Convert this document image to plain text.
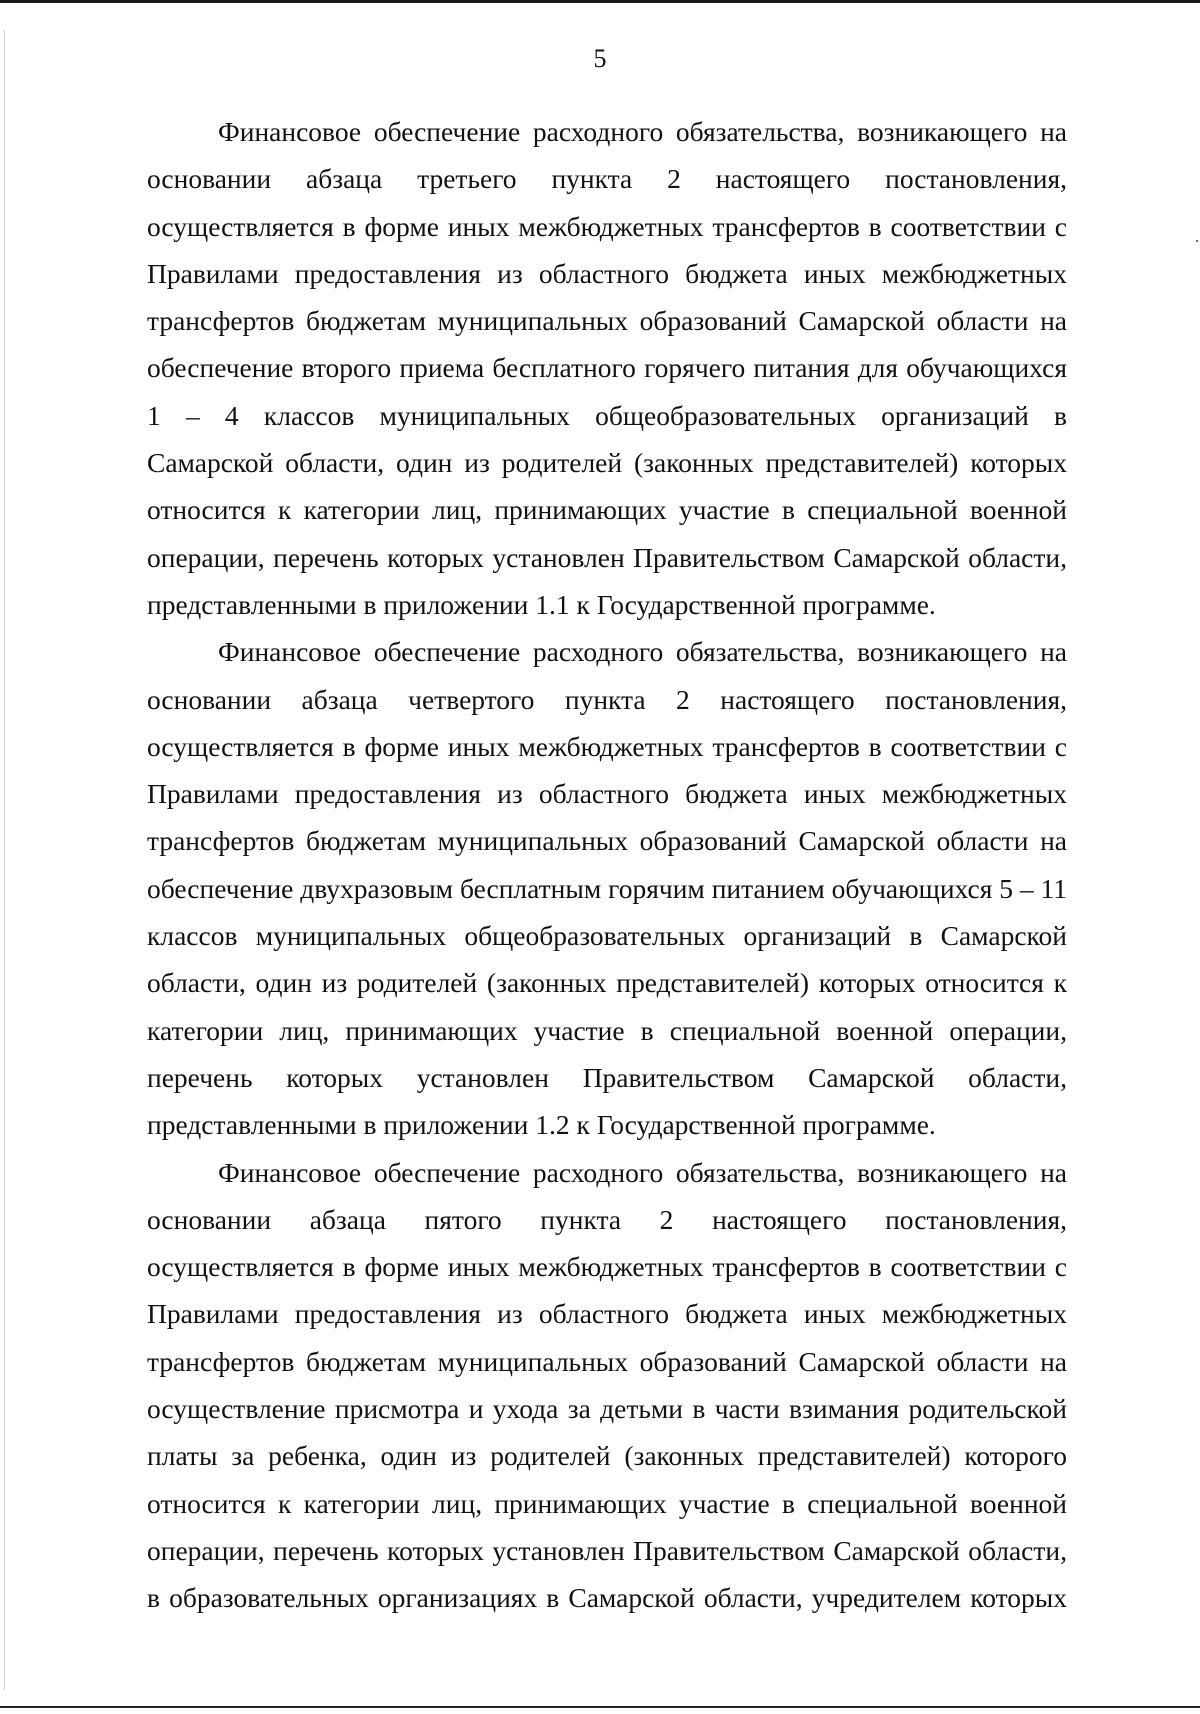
5

Финансовое обеспечение расходного обязательства, возникающего на основании абзаца третьего пункта 2 настоящего постановления, осуществляется в форме иных межбюджетных трансфертов в соответствии с Правилами предоставления из областного бюджета иных межбюджетных трансфертов бюджетам муниципальных образований Самарской области на обеспечение второго приема бесплатного горячего питания для обучающихся 1 – 4 классов муниципальных общеобразовательных организаций в Самарской области, один из родителей (законных представителей) которых относится к категории лиц, принимающих участие в специальной военной операции, перечень которых установлен Правительством Самарской области, представленными в приложении 1.1 к Государственной программе.

Финансовое обеспечение расходного обязательства, возникающего на основании абзаца четвертого пункта 2 настоящего постановления, осуществляется в форме иных межбюджетных трансфертов в соответствии с Правилами предоставления из областного бюджета иных межбюджетных трансфертов бюджетам муниципальных образований Самарской области на обеспечение двухразовым бесплатным горячим питанием обучающихся 5 – 11 классов муниципальных общеобразовательных организаций в Самарской области, один из родителей (законных представителей) которых относится к категории лиц, принимающих участие в специальной военной операции, перечень которых установлен Правительством Самарской области, представленными в приложении 1.2 к Государственной программе.

Финансовое обеспечение расходного обязательства, возникающего на основании абзаца пятого пункта 2 настоящего постановления, осуществляется в форме иных межбюджетных трансфертов в соответствии с Правилами предоставления из областного бюджета иных межбюджетных трансфертов бюджетам муниципальных образований Самарской области на осуществление присмотра и ухода за детьми в части взимания родительской платы за ребенка, один из родителей (законных представителей) которого относится к категории лиц, принимающих участие в специальной военной операции, перечень которых установлен Правительством Самарской области, в образовательных организациях в Самарской области, учредителем которых
